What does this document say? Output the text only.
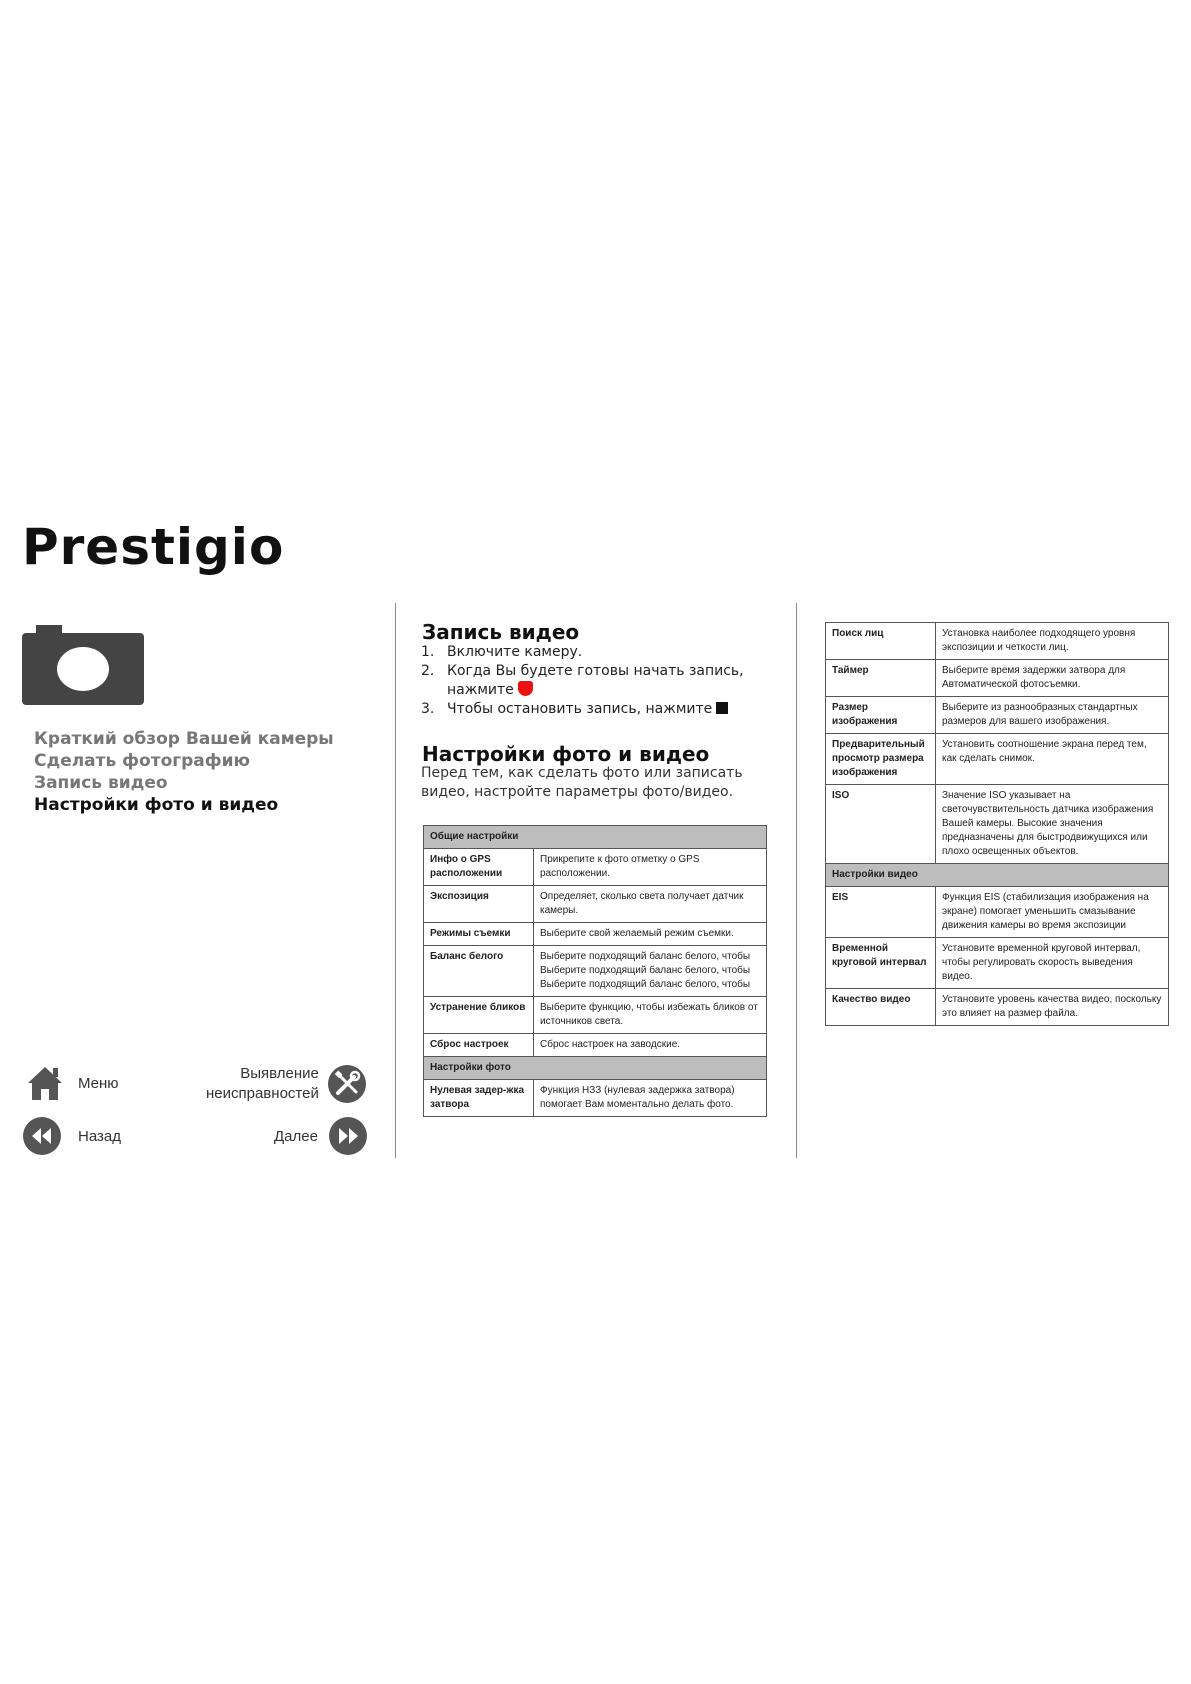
Prestigio
Краткий обзор Вашей камеры
Сделать фотографию
Запись видео
Настройки фото и видео
Меню
Выявление
неисправностей
Назад	Далее
Запись видео
1. Включите камеру.
2. Когда Вы будете готовы начать запись, нажмите
3. Чтобы остановить запись, нажмите
Настройки фото и видео
Перед тем, как сделать фото или записать видео, настройте параметры фото/видео.
Общие настройки	
Инфо о GPS расположении	Прикрепите к фото отметку о GPS расположении.
Экспозиция	Определяет, сколько света получает датчик камеры.
Режимы съемки	Выберите свой желаемый режим съемки.
Баланс белого	Выберите подходящий баланс белого, чтобы Выберите подходящий баланс белого, чтобы Выберите подходящий баланс белого, чтобы
Устранение бликов	Выберите функцию, чтобы избежать бликов от источников света.
Сброс настроек	Сброс настроек на заводские.
Настройки фото	
Нулевая задер-жка затвора	Функция НЗЗ (нулевая задержка затвора) помогает Вам моментально делать фото.
Поиск лиц	Установка наиболее подходящего уровня экспозиции и четкости лиц.
Таймер	Выберите время задержки затвора для Автоматической фотосъемки.
Размер изображения	Выберите из разнообразных стандартных размеров для вашего изображения.
Предварительный просмотр размера изображения	Установить соотношение экрана перед тем, как сделать снимок.
ISO	Значение ISO указывает на светочувствительность датчика изображения Вашей камеры. Высокие значения предназначены для быстродвижущихся или плохо освещенных объектов.
Настройки видео	
EIS	Функция EIS (стабилизация изображения на экране) помогает уменьшить смазывание движения камеры во время экспозиции
Временной круговой интервал	Установите временной круговой интервал, чтобы регулировать скорость выведения видео.
Качество видео	Установите уровень качества видео, поскольку это влияет на размер файла.
